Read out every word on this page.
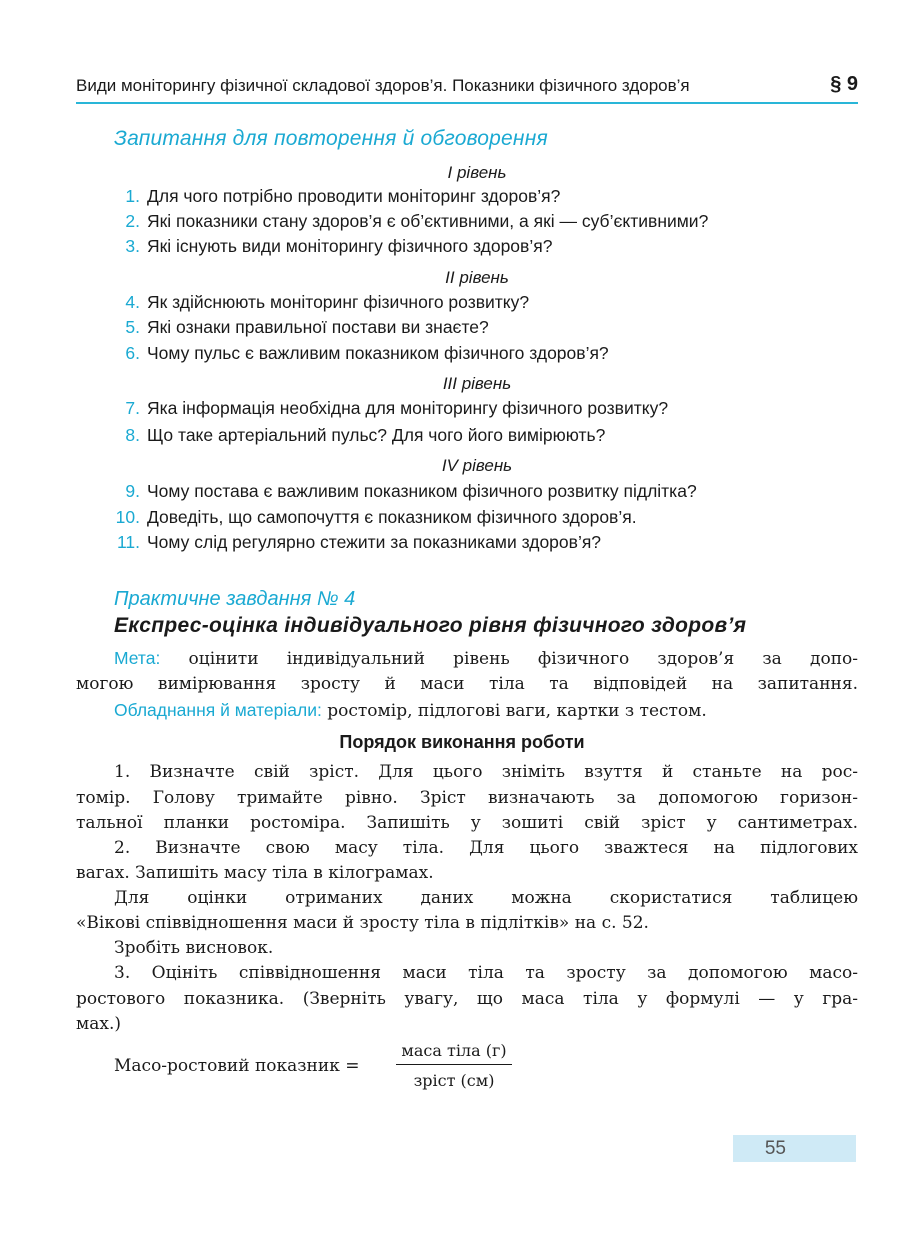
Види моніторингу фізичної складової здоров’я. Показники фізичного здоров’я	§ 9
Запитання для повторення й обговорення
І рівень
1. Для чого потрібно проводити моніторинг здоров’я?
2. Які показники стану здоров’я є об’єктивними, а які — суб’єктивними?
3. Які існують види моніторингу фізичного здоров’я?
ІІ рівень
4. Як здійснюють моніторинг фізичного розвитку?
5. Які ознаки правильної постави ви знаєте?
6. Чому пульс є важливим показником фізичного здоров’я?
ІІІ рівень
7. Яка інформація необхідна для моніторингу фізичного розвитку?
8. Що таке артеріальний пульс? Для чого його вимірюють?
ІV рівень
9. Чому постава є важливим показником фізичного розвитку підлітка?
10. Доведіть, що самопочуття є показником фізичного здоров’я.
11. Чому слід регулярно стежити за показниками здоров’я?
Практичне завдання № 4
Експрес-оцінка індивідуального рівня фізичного здоров’я
Мета: оцінити індивідуальний рівень фізичного здоров’я за допо-
могою вимірювання зросту й маси тіла та відповідей на запитання.
Обладнання й матеріали: ростомір, підлогові ваги, картки з тестом.
Порядок виконання роботи
1. Визначте свій зріст. Для цього зніміть взуття й станьте на рос-
томір. Голову тримайте рівно. Зріст визначають за допомогою горизон-
тальної планки ростоміра. Запишіть у зошиті свій зріст у сантиметрах.
2. Визначте свою масу тіла. Для цього зважтеся на підлогових
вагах. Запишіть масу тіла в кілограмах.
Для оцінки отриманих даних можна скористатися таблицею
«Вікові співвідношення маси й зросту тіла в підлітків» на с. 52.
Зробіть висновок.
3. Оцініть співвідношення маси тіла та зросту за допомогою масо-
ростового показника. (Зверніть увагу, що маса тіла у формулі — у гра-
мах.)
Масо-ростовий показник =
маса тіла (г)
зріст (см)
55
